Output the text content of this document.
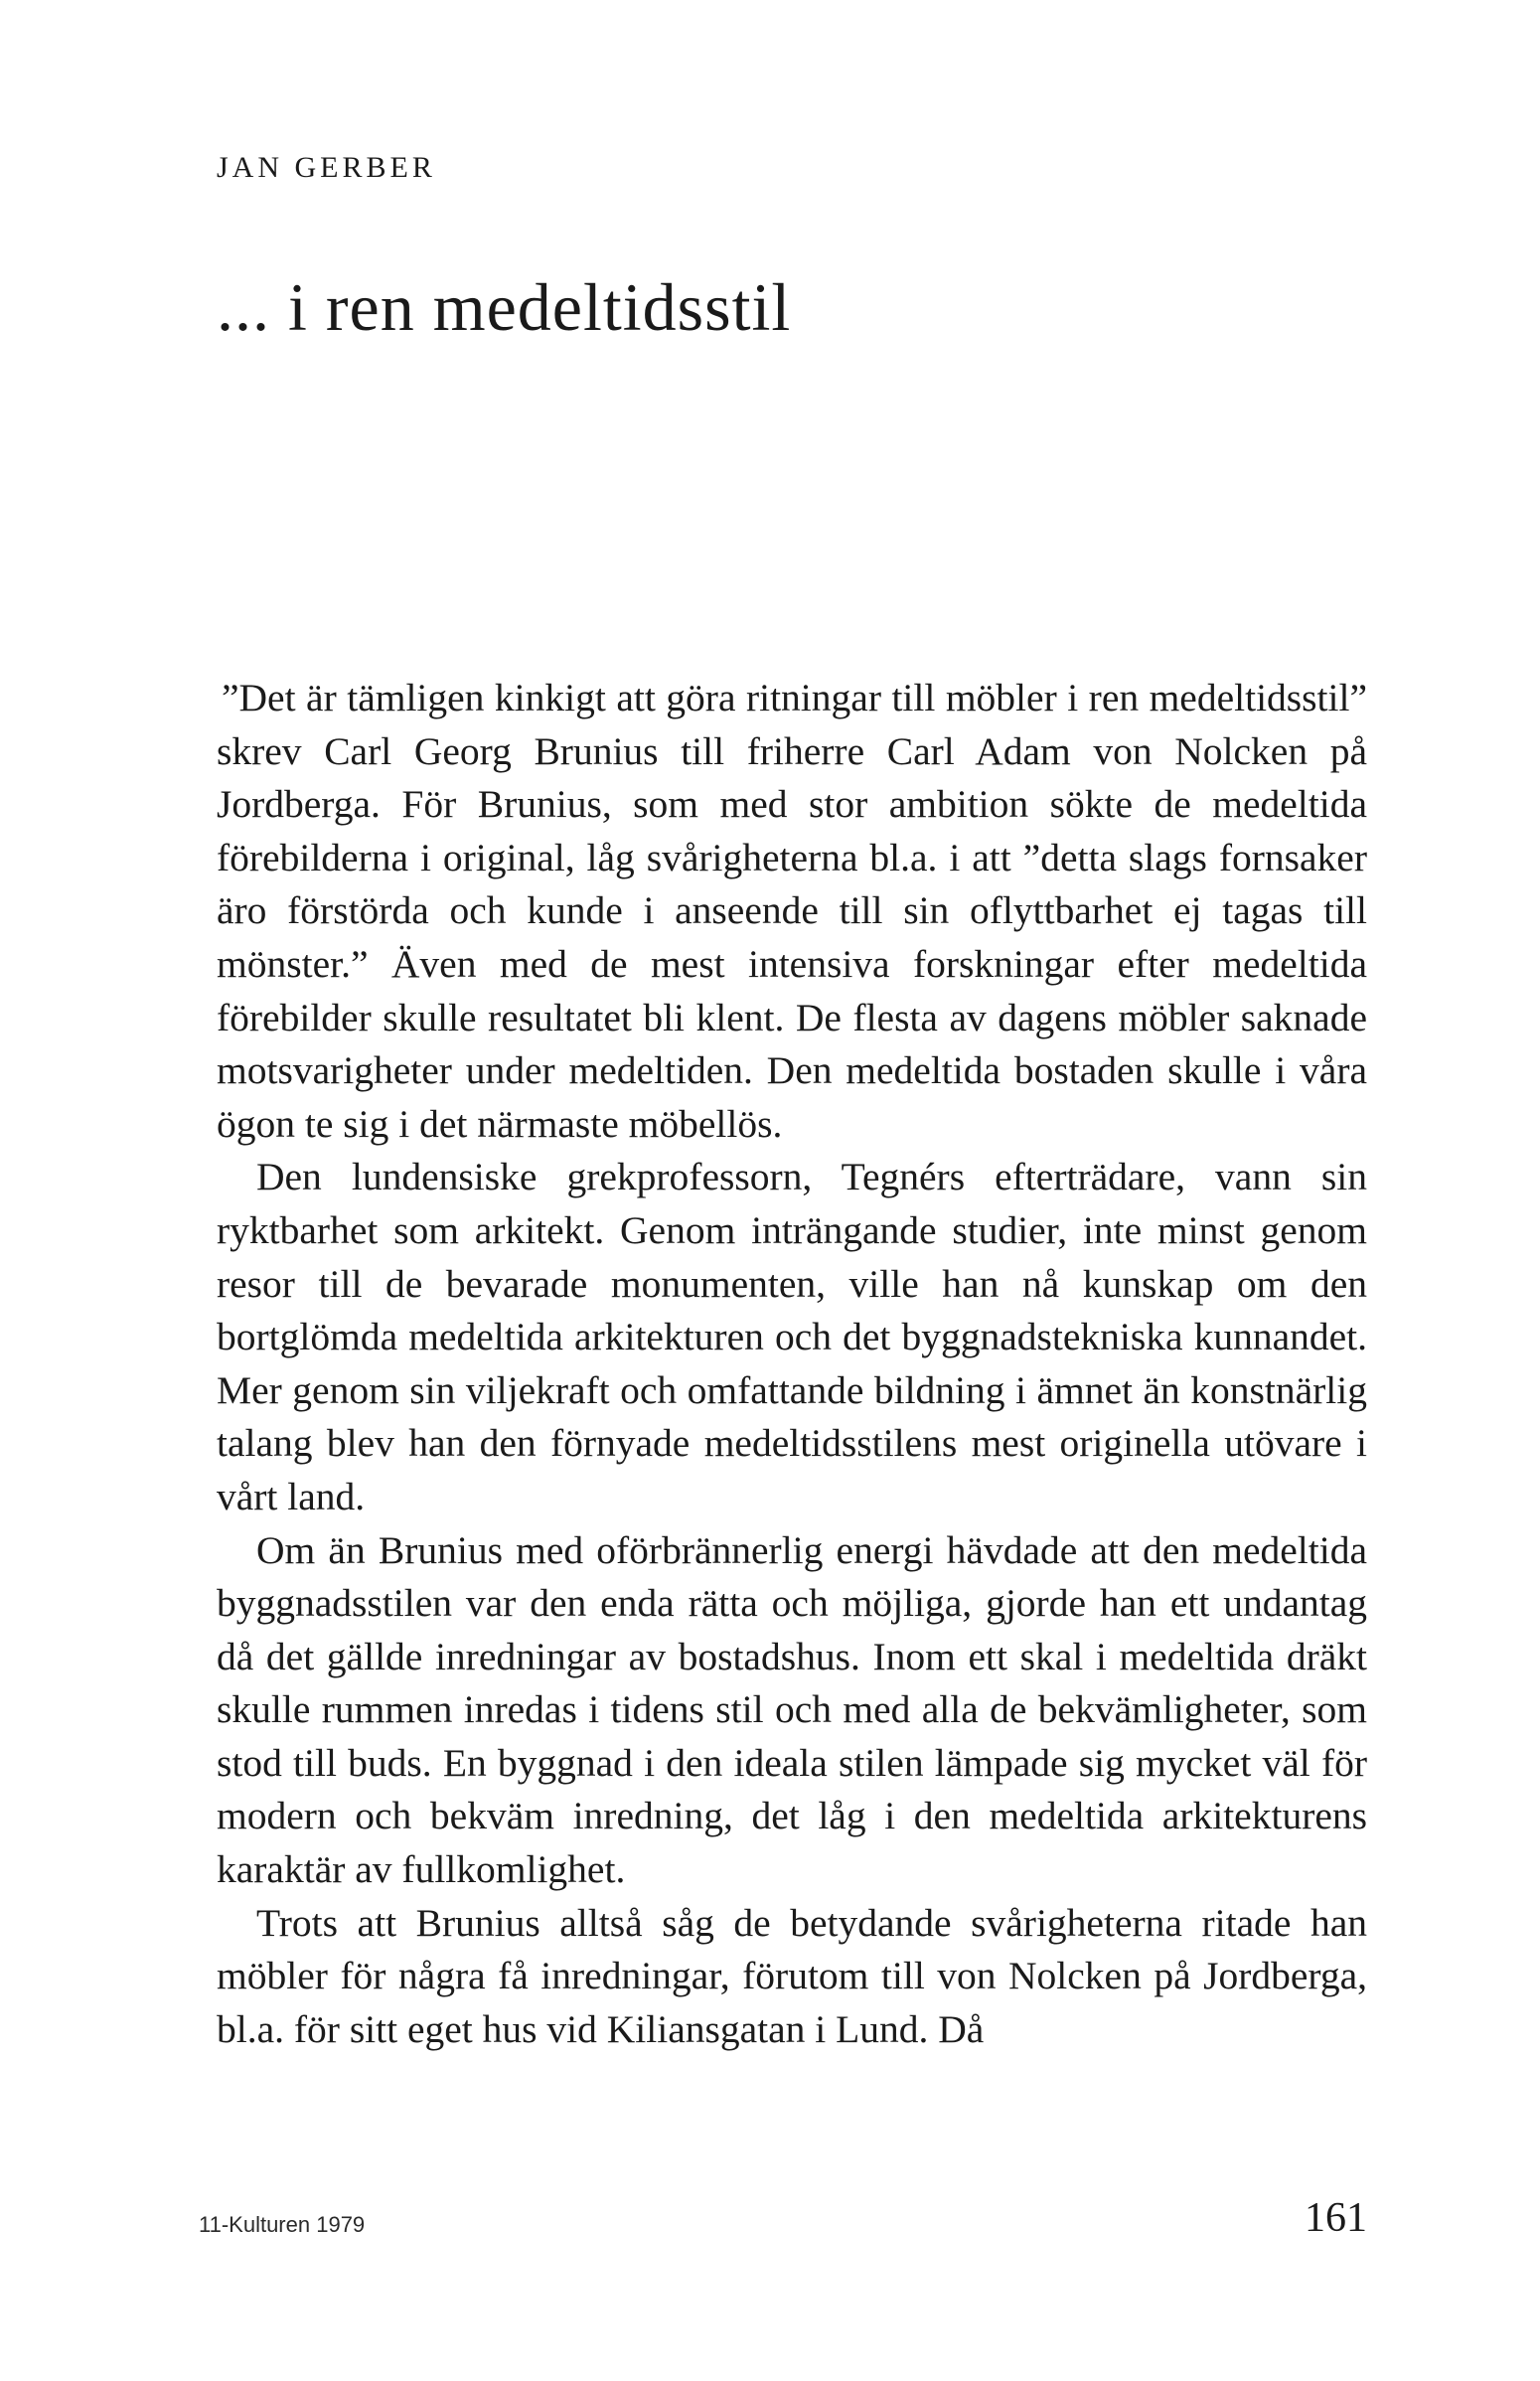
JAN GERBER
... i ren medeltidsstil

”Det är tämligen kinkigt att göra ritningar till möbler i ren medeltidsstil” skrev Carl Georg Brunius till friherre Carl Adam von Nolcken på Jordberga. För Brunius, som med stor ambition sökte de medeltida förebilderna i original, låg svårigheterna bl.a. i att ”detta slags fornsaker äro förstörda och kunde i anseende till sin oflyttbarhet ej tagas till mönster.” Även med de mest intensiva forskningar efter medeltida förebilder skulle resultatet bli klent. De flesta av dagens möbler saknade motsvarigheter under medeltiden. Den medeltida bostaden skulle i våra ögon te sig i det närmaste möbellös.

Den lundensiske grekprofessorn, Tegnérs efterträdare, vann sin ryktbarhet som arkitekt. Genom inträngande studier, inte minst genom resor till de bevarade monumenten, ville han nå kunskap om den bortglömda medeltida arkitekturen och det byggnadstekniska kunnandet. Mer genom sin viljekraft och omfattande bildning i ämnet än konstnärlig talang blev han den förnyade medeltidsstilens mest originella utövare i vårt land.

Om än Brunius med oförbrännerlig energi hävdade att den medeltida byggnadsstilen var den enda rätta och möjliga, gjorde han ett undantag då det gällde inredningar av bostadshus. Inom ett skal i medeltida dräkt skulle rummen inredas i tidens stil och med alla de bekvämligheter, som stod till buds. En byggnad i den ideala stilen lämpade sig mycket väl för modern och bekväm inredning, det låg i den medeltida arkitekturens karaktär av fullkomlighet.

Trots att Brunius alltså såg de betydande svårigheterna ritade han möbler för några få inredningar, förutom till von Nolcken på Jordberga, bl.a. för sitt eget hus vid Kiliansgatan i Lund. Då

11-Kulturen 1979	161
